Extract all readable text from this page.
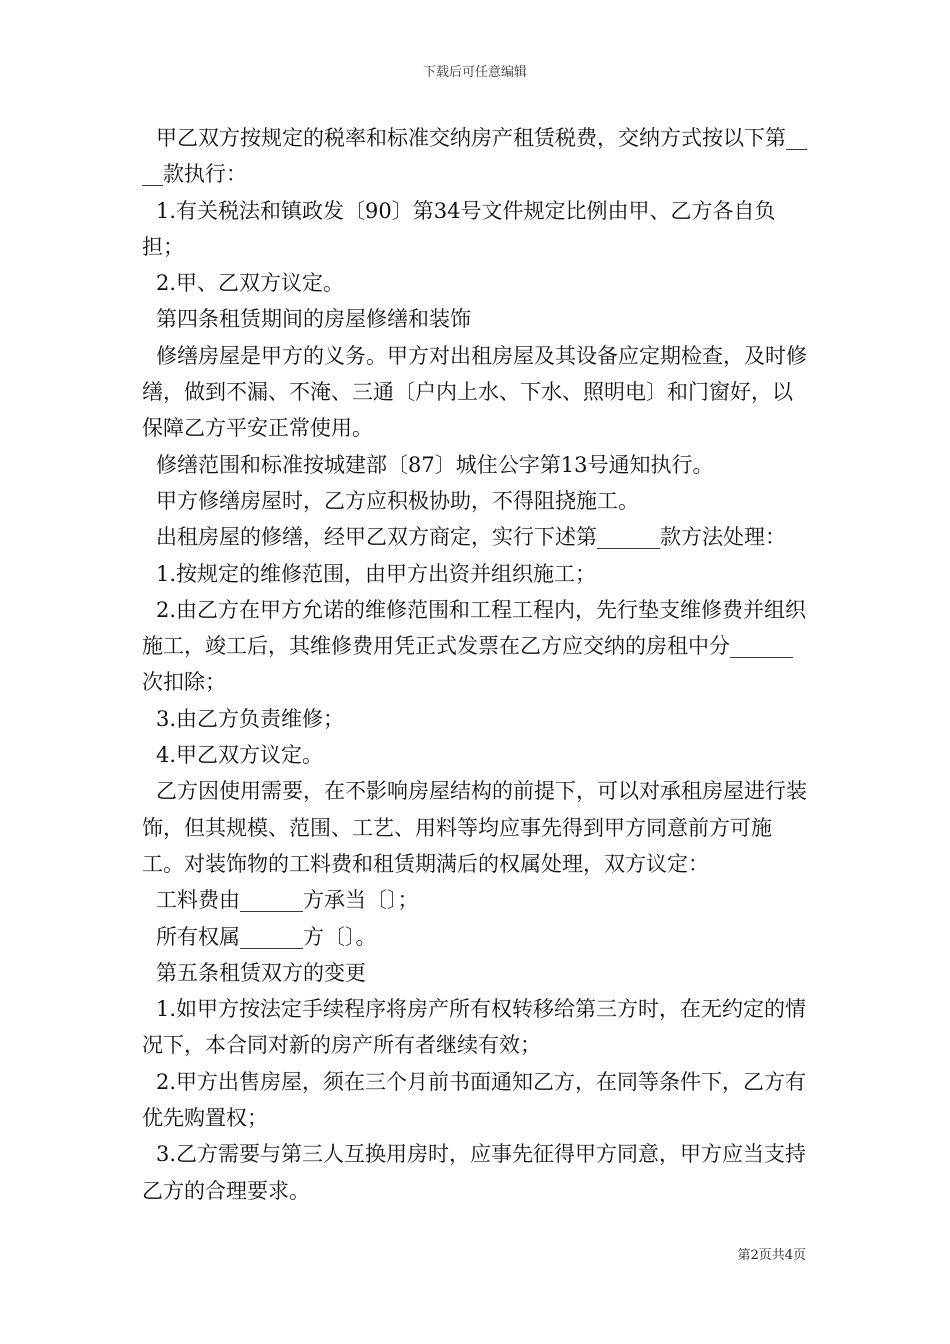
下载后可任意编辑

甲乙双方按规定的税率和标准交纳房产租赁税费，交纳方式按以下第____款执行：

1.有关税法和镇政发〔90〕第34号文件规定比例由甲、乙方各自负担；

2.甲、乙双方议定。

第四条租赁期间的房屋修缮和装饰

修缮房屋是甲方的义务。甲方对出租房屋及其设备应定期检查，及时修缮，做到不漏、不淹、三通〔户内上水、下水、照明电〕和门窗好，以保障乙方平安正常使用。

修缮范围和标准按城建部〔87〕城住公字第13号通知执行。

甲方修缮房屋时，乙方应积极协助，不得阻挠施工。

出租房屋的修缮，经甲乙双方商定，实行下述第______款方法处理：

1.按规定的维修范围，由甲方出资并组织施工；

2.由乙方在甲方允诺的维修范围和工程工程内，先行垫支维修费并组织施工，竣工后，其维修费用凭正式发票在乙方应交纳的房租中分______次扣除；

3.由乙方负责维修；

4.甲乙双方议定。

乙方因使用需要，在不影响房屋结构的前提下，可以对承租房屋进行装饰，但其规模、范围、工艺、用料等均应事先得到甲方同意前方可施工。对装饰物的工料费和租赁期满后的权属处理，双方议定：

工料费由______方承当〔〕；

所有权属______方〔〕。

第五条租赁双方的变更

1.如甲方按法定手续程序将房产所有权转移给第三方时，在无约定的情况下，本合同对新的房产所有者继续有效；

2.甲方出售房屋，须在三个月前书面通知乙方，在同等条件下，乙方有优先购置权；

3.乙方需要与第三人互换用房时，应事先征得甲方同意，甲方应当支持乙方的合理要求。

第2页共4页
